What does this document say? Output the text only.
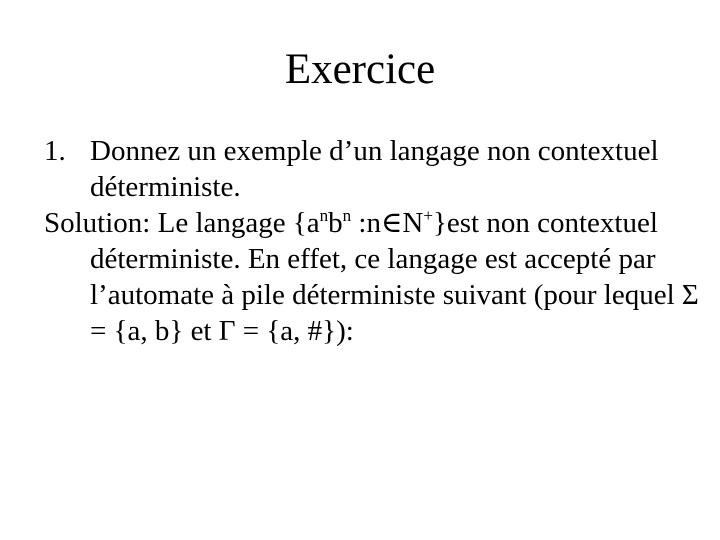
Exercice

1. Donnez un exemple d’un langage non contextuel déterministe.

Solution: Le langage {$a^nb^n$ :n∈N+}est non contextuel déterministe. En effet, ce langage est accepté par l’automate à pile déterministe suivant (pour lequel Σ = {a, b} et Γ = {a, #}):
